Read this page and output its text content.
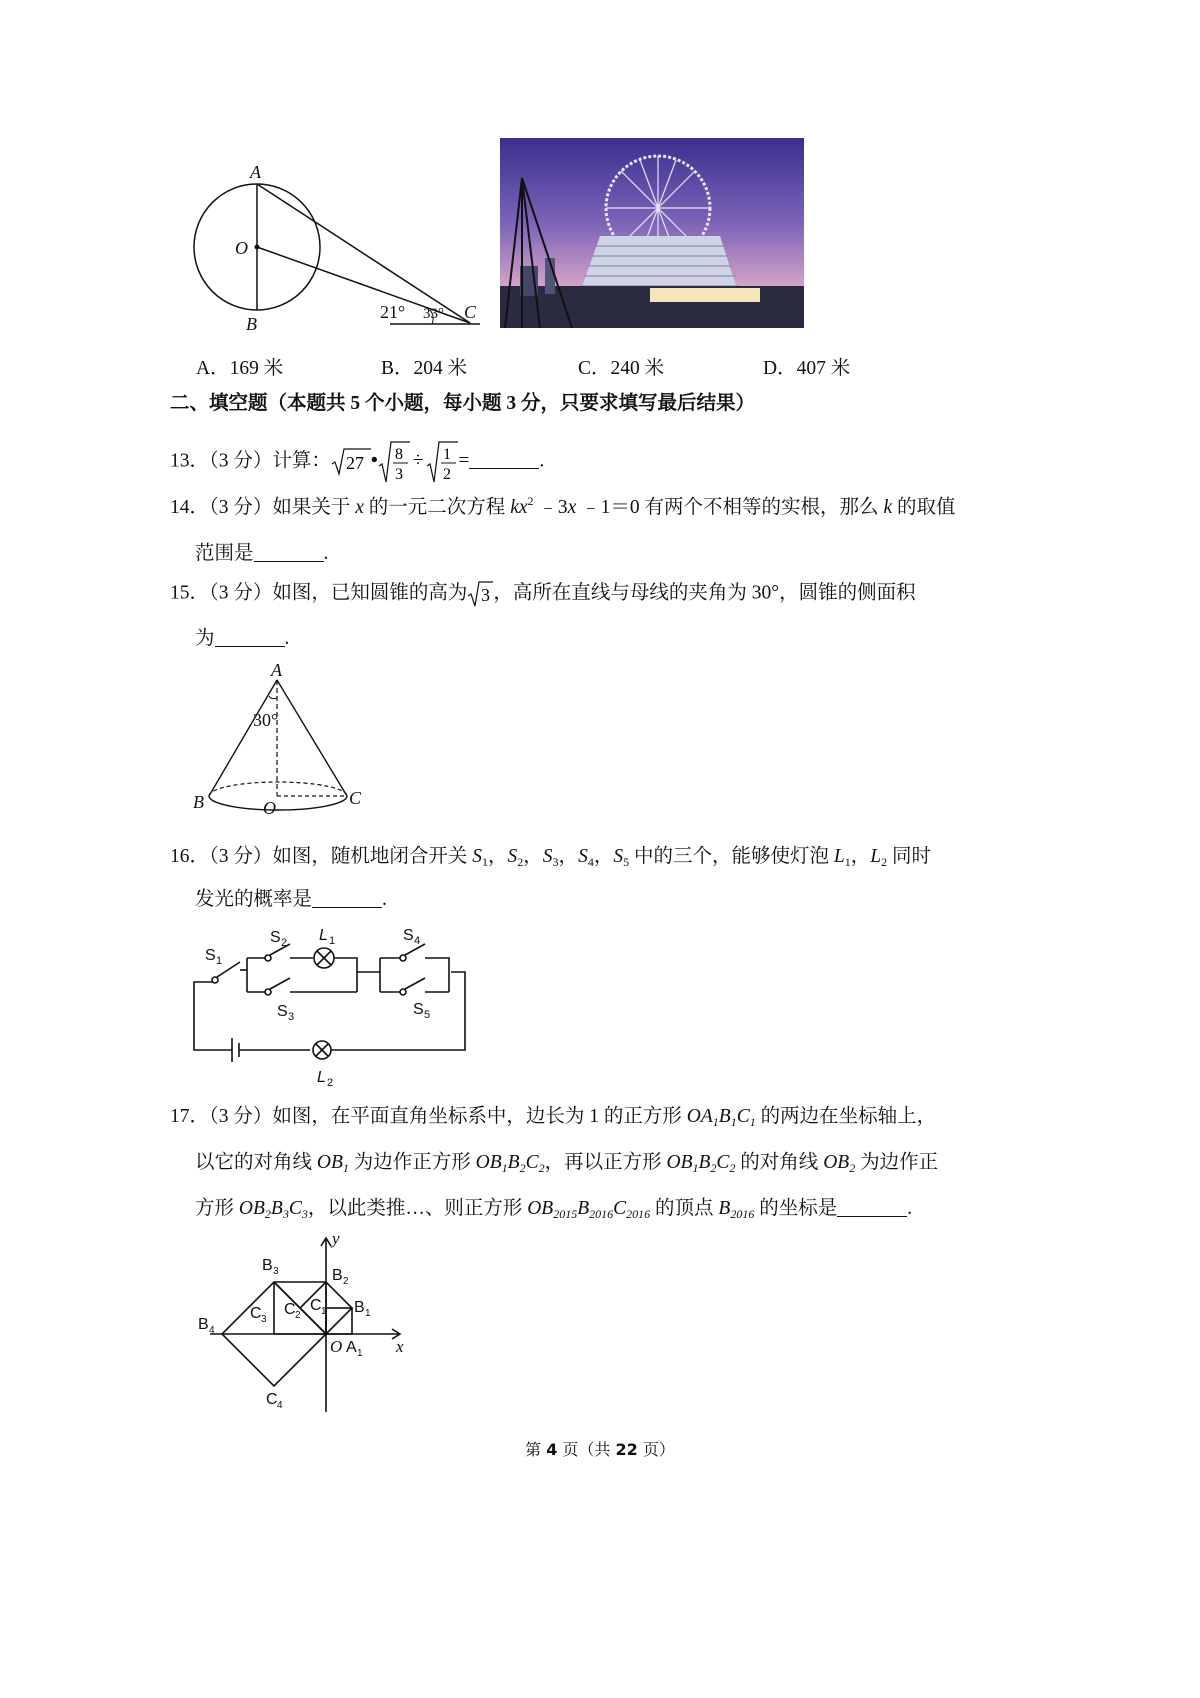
A
O
B
C
21° 33°
A．169 米	B．204 米	C．240 米	D．407 米
二、填空题（本题共 5 个小题，每小题 3 分，只要求填写最后结果）
13．（3 分）计算： 27 • 8
3
÷ 1
2
=	.
14．（3 分）如果关于 x 的一元二次方程 $kx^2$ ﹣3x ﹣1＝0 有两个不相等的实根，那么 k 的取值
范围是	.
15．（3 分）如图，已知圆锥的高为 3 ，高所在直线与母线的夹角为 30°，圆锥的侧面积
为	.
A
30°
B	O	C
16．（3 分）如图，随机地闭合开关 $S_1$，$S_2$，$S_3$，$S_4$，$S_5$ 中的三个，能够使灯泡 $L_1$，$L_2$ 同时
发光的概率是	.
S 1
S 2 L 1
S 3
S 4
S 5
L 2
17．（3 分）如图，在平面直角坐标系中，边长为 1 的正方形 $OA_1B_1C_1$ 的两边在坐标轴上，
以它的对角线 $OB_1$ 为边作正方形 $OB_1B_2C_2$，再以正方形 $OB_1B_2C_2$ 的对角线 $OB_2$ 为边作正
方形 $OB_2B_3C_3$，以此类推…、则正方形 $OB_{2015}B_{2016}C_{2016}$ 的顶点 $B_{2016}$ 的坐标是	.
y
x
O A 1
B 1
B 2
B 3
B 4
C 1
C 2
C 3
C 4
第 4 页（共 22 页）
